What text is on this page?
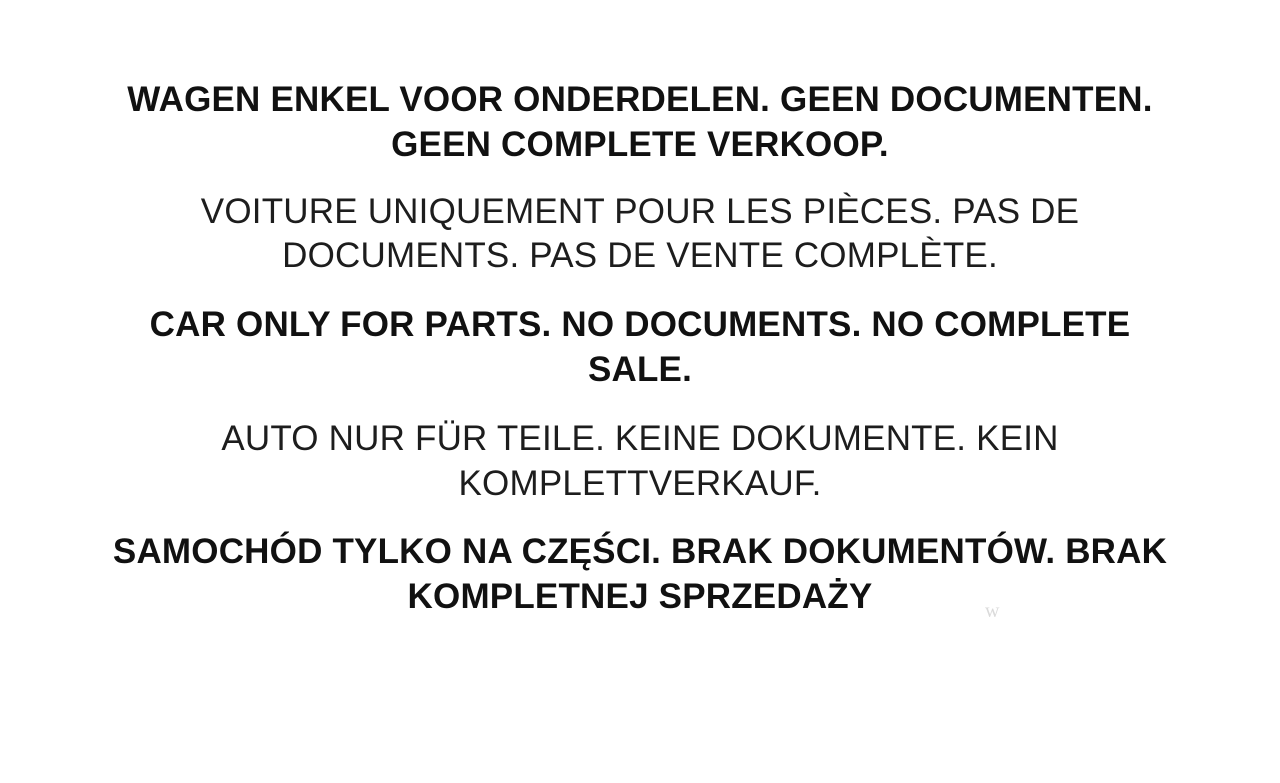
WAGEN ENKEL VOOR ONDERDELEN. GEEN DOCUMENTEN. GEEN COMPLETE VERKOOP.
VOITURE UNIQUEMENT POUR LES PIÈCES. PAS DE DOCUMENTS. PAS DE VENTE COMPLÈTE.
CAR ONLY FOR PARTS. NO DOCUMENTS. NO COMPLETE SALE.
AUTO NUR FÜR TEILE. KEINE DOKUMENTE. KEIN KOMPLETTVERKAUF.
SAMOCHÓD TYLKO NA CZĘŚCI. BRAK DOKUMENTÓW. BRAK KOMPLETNEJ SPRZEDAŻY	w
